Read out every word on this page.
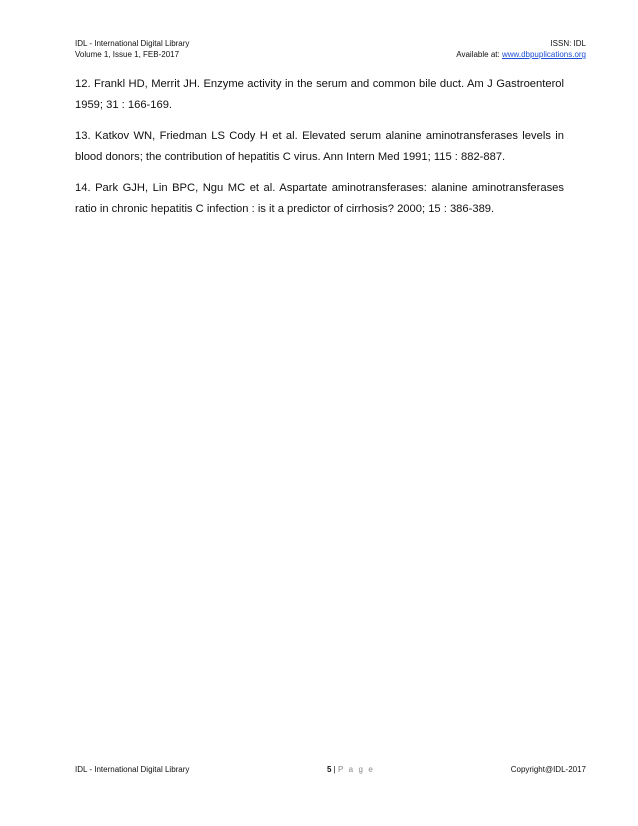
IDL - International Digital Library
Volume 1, Issue 1, FEB-2017
ISSN: IDL
Available at: www.dbpuplications.org

12. Frankl HD, Merrit JH. Enzyme activity in the serum and common bile duct. Am J Gastroenterol 1959; 31 : 166-169.

13. Katkov WN, Friedman LS Cody H et al. Elevated serum alanine aminotransferases levels in blood donors; the contribution of hepatitis C virus. Ann Intern Med 1991; 115 : 882-887.

14. Park GJH, Lin BPC, Ngu MC et al. Aspartate aminotransferases: alanine aminotransferases ratio in chronic hepatitis C infection : is it a predictor of cirrhosis? 2000; 15 : 386-389.

IDL - International Digital Library	5 | P a g e	Copyright@IDL-2017
